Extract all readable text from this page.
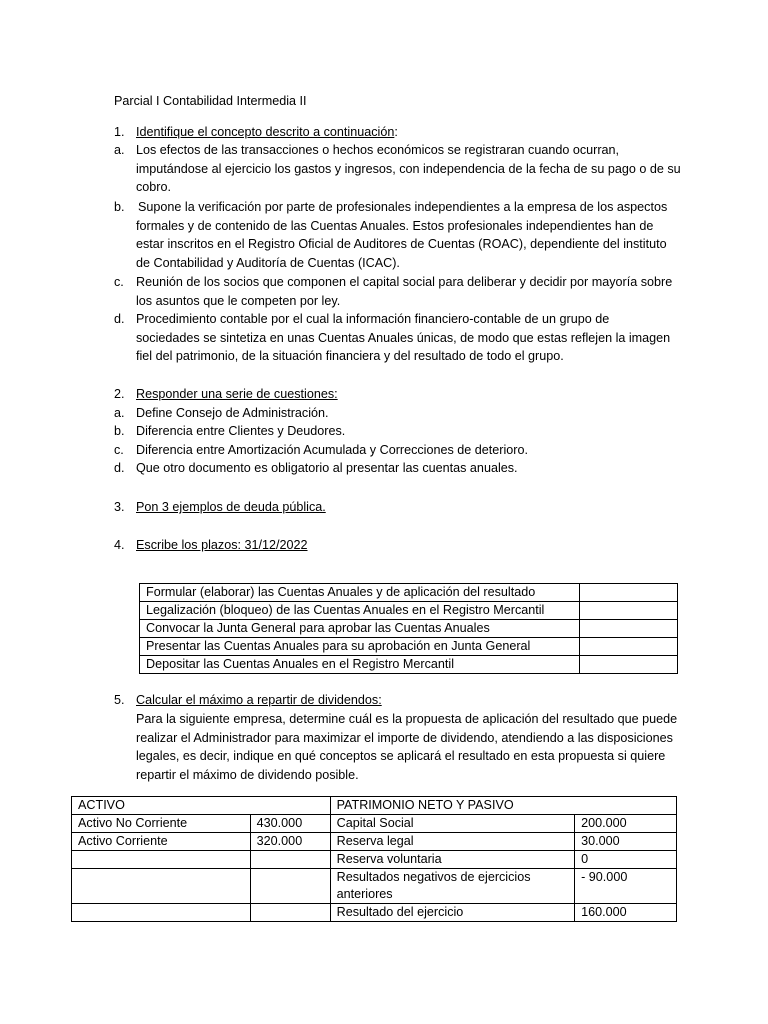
Parcial I Contabilidad Intermedia II
1. Identifique el concepto descrito a continuación:
a. Los efectos de las transacciones o hechos económicos se registraran cuando ocurran,
imputándose al ejercicio los gastos y ingresos, con independencia de la fecha de su pago o de su
cobro.
b. Supone la verificación por parte de profesionales independientes a la empresa de los aspectos
formales y de contenido de las Cuentas Anuales. Estos profesionales independientes han de
estar inscritos en el Registro Oficial de Auditores de Cuentas (ROAC), dependiente del instituto
de Contabilidad y Auditoría de Cuentas (ICAC).
c. Reunión de los socios que componen el capital social para deliberar y decidir por mayoría sobre
los asuntos que le competen por ley.
d. Procedimiento contable por el cual la información financiero-contable de un grupo de
sociedades se sintetiza en unas Cuentas Anuales únicas, de modo que estas reflejen la imagen
fiel del patrimonio, de la situación financiera y del resultado de todo el grupo.
2. Responder una serie de cuestiones:
a. Define Consejo de Administración.
b. Diferencia entre Clientes y Deudores.
c. Diferencia entre Amortización Acumulada y Correcciones de deterioro.
d. Que otro documento es obligatorio al presentar las cuentas anuales.
3. Pon 3 ejemplos de deuda pública.
4. Escribe los plazos: 31/12/2022
Formular (elaborar) las Cuentas Anuales y de aplicación del resultado	
Legalización (bloqueo) de las Cuentas Anuales en el Registro Mercantil	
Convocar la Junta General para aprobar las Cuentas Anuales	
Presentar las Cuentas Anuales para su aprobación en Junta General	
Depositar las Cuentas Anuales en el Registro Mercantil	
5. Calcular el máximo a repartir de dividendos:
Para la siguiente empresa, determine cuál es la propuesta de aplicación del resultado que puede
realizar el Administrador para maximizar el importe de dividendo, atendiendo a las disposiciones
legales, es decir, indique en qué conceptos se aplicará el resultado en esta propuesta si quiere
repartir el máximo de dividendo posible.
ACTIVO		PATRIMONIO NETO Y PASIVO	
Activo No Corriente	430.000	Capital Social	200.000
Activo Corriente	320.000	Reserva legal	30.000
		Reserva voluntaria	0
		Resultados negativos de ejercicios anteriores	- 90.000
		Resultado del ejercicio	160.000
